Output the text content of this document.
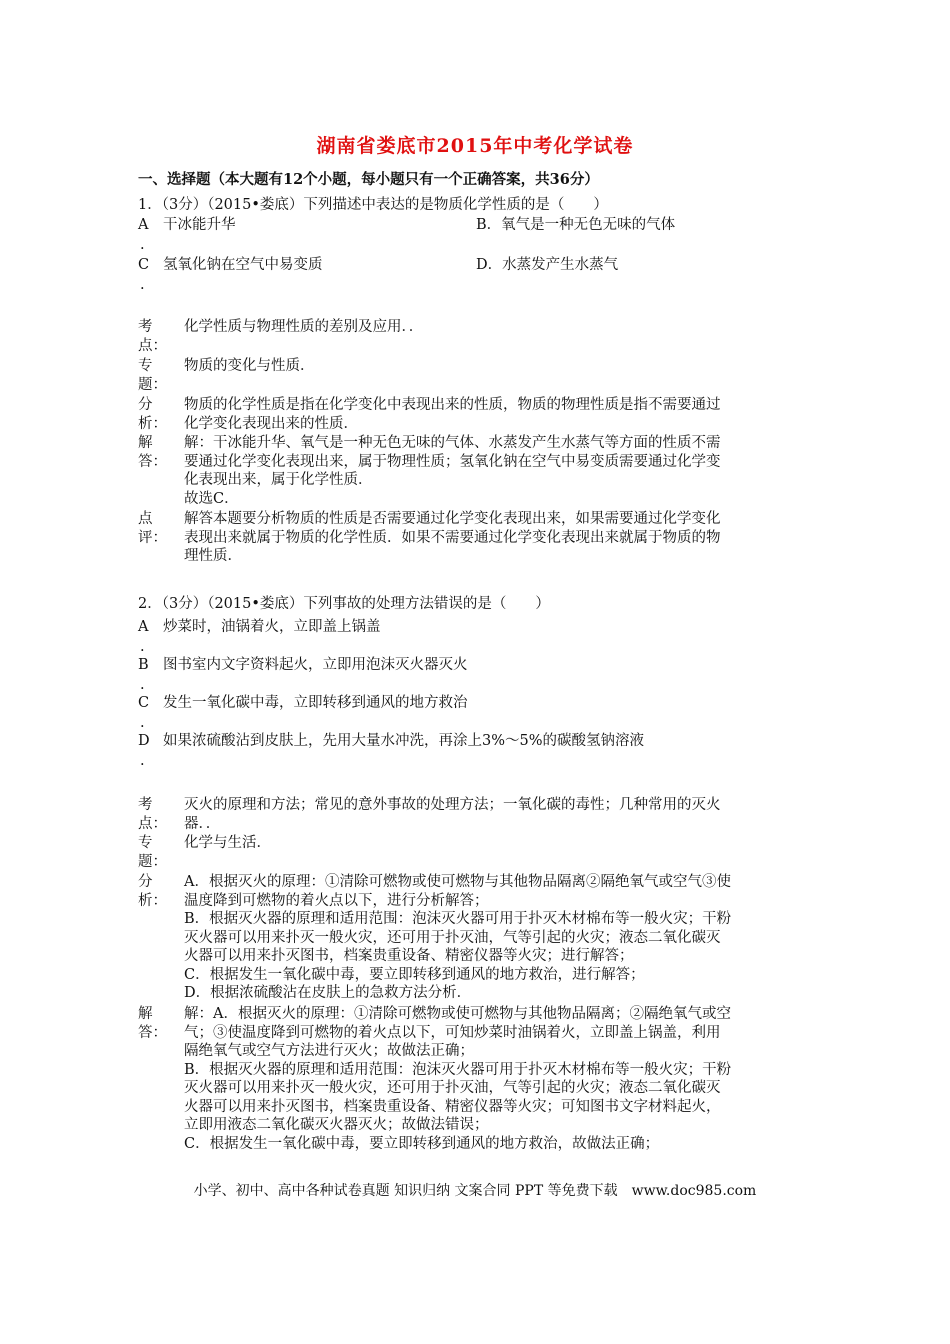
湖南省娄底市2015年中考化学试卷
一、选择题（本大题有12个小题，每小题只有一个正确答案，共36分）
1．（3分）（2015•娄底）下列描述中表达的是物质化学性质的是（　　）
A
.
干冰能升华	B．氧气是一种无色无味的气体
C
.
氢氧化钠在空气中易变质	D．水蒸发产生水蒸气
考
点：
化学性质与物理性质的差别及应用．．
专
题：
物质的变化与性质．
分
析：
物质的化学性质是指在化学变化中表现出来的性质，物质的物理性质是指不需要通过
化学变化表现出来的性质．
解
答：
解：干冰能升华、氧气是一种无色无味的气体、水蒸发产生水蒸气等方面的性质不需
要通过化学变化表现出来，属于物理性质；氢氧化钠在空气中易变质需要通过化学变
化表现出来，属于化学性质．
故选C．
点
评：
解答本题要分析物质的性质是否需要通过化学变化表现出来，如果需要通过化学变化
表现出来就属于物质的化学性质．如果不需要通过化学变化表现出来就属于物质的物
理性质．
2．（3分）（2015•娄底）下列事故的处理方法错误的是（　　）
A
.
炒菜时，油锅着火，立即盖上锅盖
B
.
图书室内文字资料起火，立即用泡沫灭火器灭火
C
.
发生一氧化碳中毒，立即转移到通风的地方救治
D
.
如果浓硫酸沾到皮肤上，先用大量水冲洗，再涂上3%～5%的碳酸氢钠溶液
考
点：
灭火的原理和方法；常见的意外事故的处理方法；一氧化碳的毒性；几种常用的灭火
器．．
专
题：
化学与生活．
分
析：
A．根据灭火的原理：①清除可燃物或使可燃物与其他物品隔离②隔绝氧气或空气③使
温度降到可燃物的着火点以下，进行分析解答；
B．根据灭火器的原理和适用范围：泡沫灭火器可用于扑灭木材棉布等一般火灾；干粉
灭火器可以用来扑灭一般火灾，还可用于扑灭油，气等引起的火灾；液态二氧化碳灭
火器可以用来扑灭图书，档案贵重设备、精密仪器等火灾；进行解答；
C．根据发生一氧化碳中毒，要立即转移到通风的地方救治，进行解答；
D．根据浓硫酸沾在皮肤上的急救方法分析．
解
答：
解：A．根据灭火的原理：①清除可燃物或使可燃物与其他物品隔离；②隔绝氧气或空
气；③使温度降到可燃物的着火点以下，可知炒菜时油锅着火，立即盖上锅盖，利用
隔绝氧气或空气方法进行灭火；故做法正确；
B．根据灭火器的原理和适用范围：泡沫灭火器可用于扑灭木材棉布等一般火灾；干粉
灭火器可以用来扑灭一般火灾，还可用于扑灭油，气等引起的火灾；液态二氧化碳灭
火器可以用来扑灭图书，档案贵重设备、精密仪器等火灾；可知图书文字材料起火，
立即用液态二氧化碳灭火器灭火；故做法错误；
C．根据发生一氧化碳中毒，要立即转移到通风的地方救治，故做法正确；
小学、初中、高中各种试卷真题 知识归纳 文案合同 PPT 等免费下载　www.doc985.com
